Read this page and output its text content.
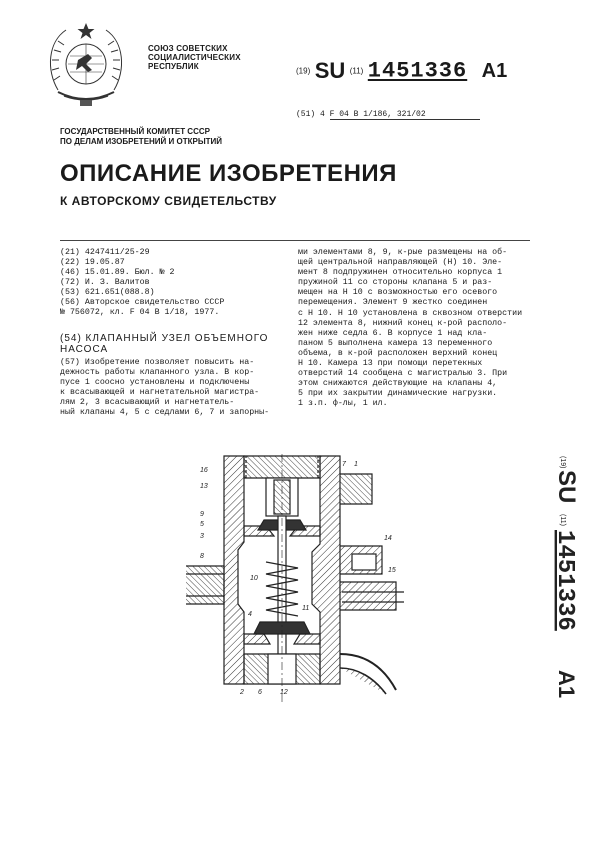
СОЮЗ СОВЕТСКИХ
СОЦИАЛИСТИЧЕСКИХ
РЕСПУБЛИК	(19) SU (11) 1451336 A1
(51) 4 F 04 B 1/186, 321/02
ГОСУДАРСТВЕННЫЙ КОМИТЕТ СССР
ПО ДЕЛАМ ИЗОБРЕТЕНИЙ И ОТКРЫТИЙ
ОПИСАНИЕ ИЗОБРЕТЕНИЯ
К АВТОРСКОМУ СВИДЕТЕЛЬСТВУ
(21) 4247411/25-29
(22) 19.05.87
(46) 15.01.89. Бюл. № 2
(72) И. З. Валитов
(53) 621.651(088.8)
(56) Авторское свидетельство СССР
№ 756072, кл. F 04 B 1/18, 1977.
(54) КЛАПАННЫЙ УЗЕЛ ОБЪЕМНОГО
НАСОСА
(57) Изобретение позволяет повысить на-
дежность работы клапанного узла. В кор-
пусе 1 соосно установлены и подключены
к всасывающей и нагнетательной магистра-
лям 2, 3 всасывающий и нагнетатель-
ный клапаны 4, 5 с седлами 6, 7 и запорны-
ми элементами 8, 9, к-рые размещены на об-
щей центральной направляющей (Н) 10. Эле-
мент 8 подпружинен относительно корпуса 1
пружиной 11 со стороны клапана 5 и раз-
мещен на Н 10 с возможностью его осевого
перемещения. Элемент 9 жестко соединен
с Н 10. Н 10 установлена в сквозном отверстии
12 элемента 8, нижний конец к-рой располо-
жен ниже седла 6. В корпусе 1 над кла-
паном 5 выполнена камера 13 переменного
объема, в к-рой расположен верхний конец
Н 10. Камера 13 при помощи перетекных
отверстий 14 сообщена с магистралью 3. При
этом снижаются действующие на клапаны 4,
5 при их закрытии динамические нагрузки.
1 з.п. ф-лы, 1 ил.
16
13
9
5
3
8
10
4
11
7 1
14
15
2 6	12
(19)
SU
(11)
1451336
A1
